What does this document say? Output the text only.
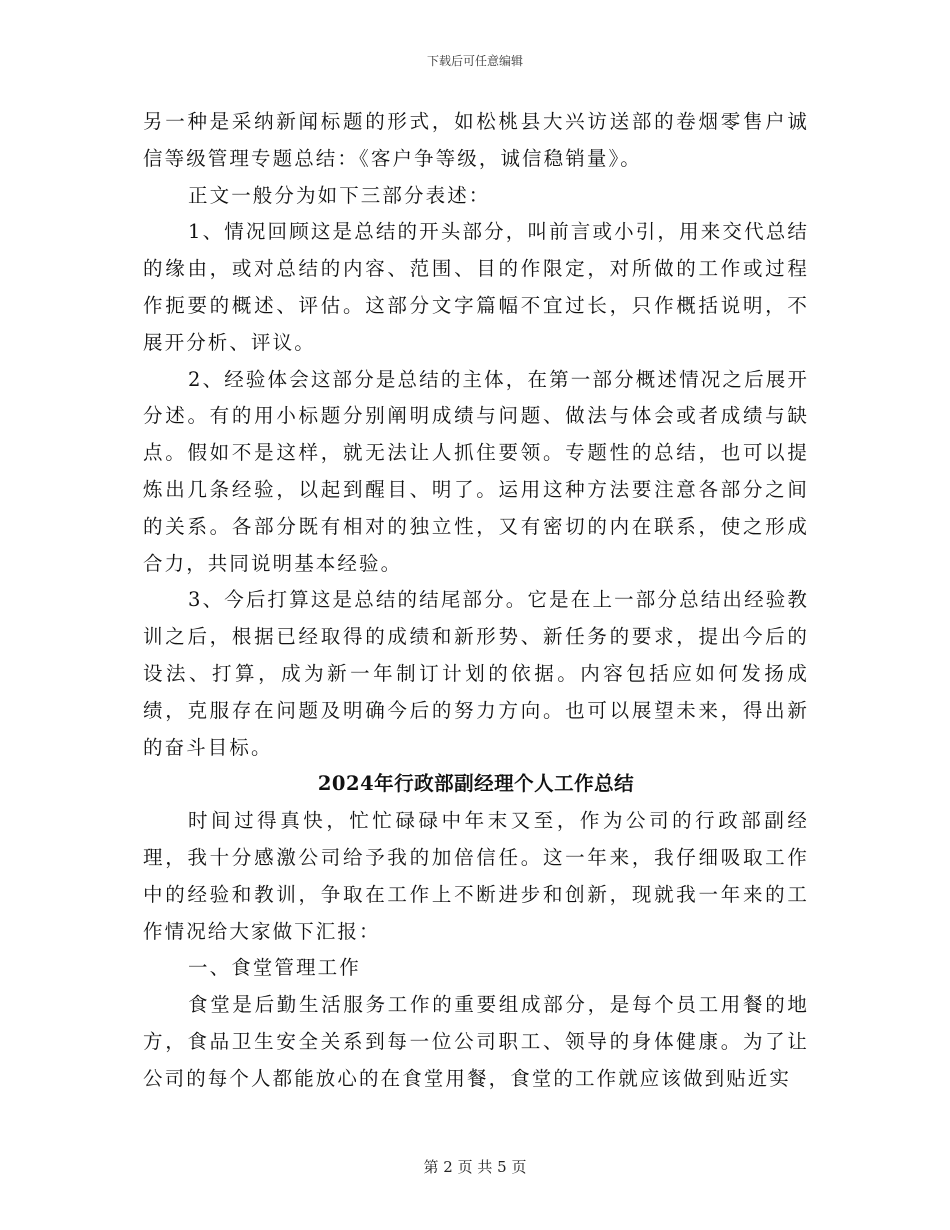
下载后可任意编辑

另一种是采纳新闻标题的形式，如松桃县大兴访送部的卷烟零售户诚信等级管理专题总结：《客户争等级，诚信稳销量》。

正文一般分为如下三部分表述：

1、情况回顾这是总结的开头部分，叫前言或小引，用来交代总结的缘由，或对总结的内容、范围、目的作限定，对所做的工作或过程作扼要的概述、评估。这部分文字篇幅不宜过长，只作概括说明，不展开分析、评议。

2、经验体会这部分是总结的主体，在第一部分概述情况之后展开分述。有的用小标题分别阐明成绩与问题、做法与体会或者成绩与缺点。假如不是这样，就无法让人抓住要领。专题性的总结，也可以提炼出几条经验，以起到醒目、明了。运用这种方法要注意各部分之间的关系。各部分既有相对的独立性，又有密切的内在联系，使之形成合力，共同说明基本经验。

3、今后打算这是总结的结尾部分。它是在上一部分总结出经验教训之后，根据已经取得的成绩和新形势、新任务的要求，提出今后的设法、打算，成为新一年制订计划的依据。内容包括应如何发扬成绩，克服存在问题及明确今后的努力方向。也可以展望未来，得出新的奋斗目标。

2024年行政部副经理个人工作总结

时间过得真快，忙忙碌碌中年末又至，作为公司的行政部副经理，我十分感激公司给予我的加倍信任。这一年来，我仔细吸取工作中的经验和教训，争取在工作上不断进步和创新，现就我一年来的工作情况给大家做下汇报：

一、食堂管理工作

食堂是后勤生活服务工作的重要组成部分，是每个员工用餐的地方，食品卫生安全关系到每一位公司职工、领导的身体健康。为了让公司的每个人都能放心的在食堂用餐，食堂的工作就应该做到贴近实

第 2 页 共 5 页
